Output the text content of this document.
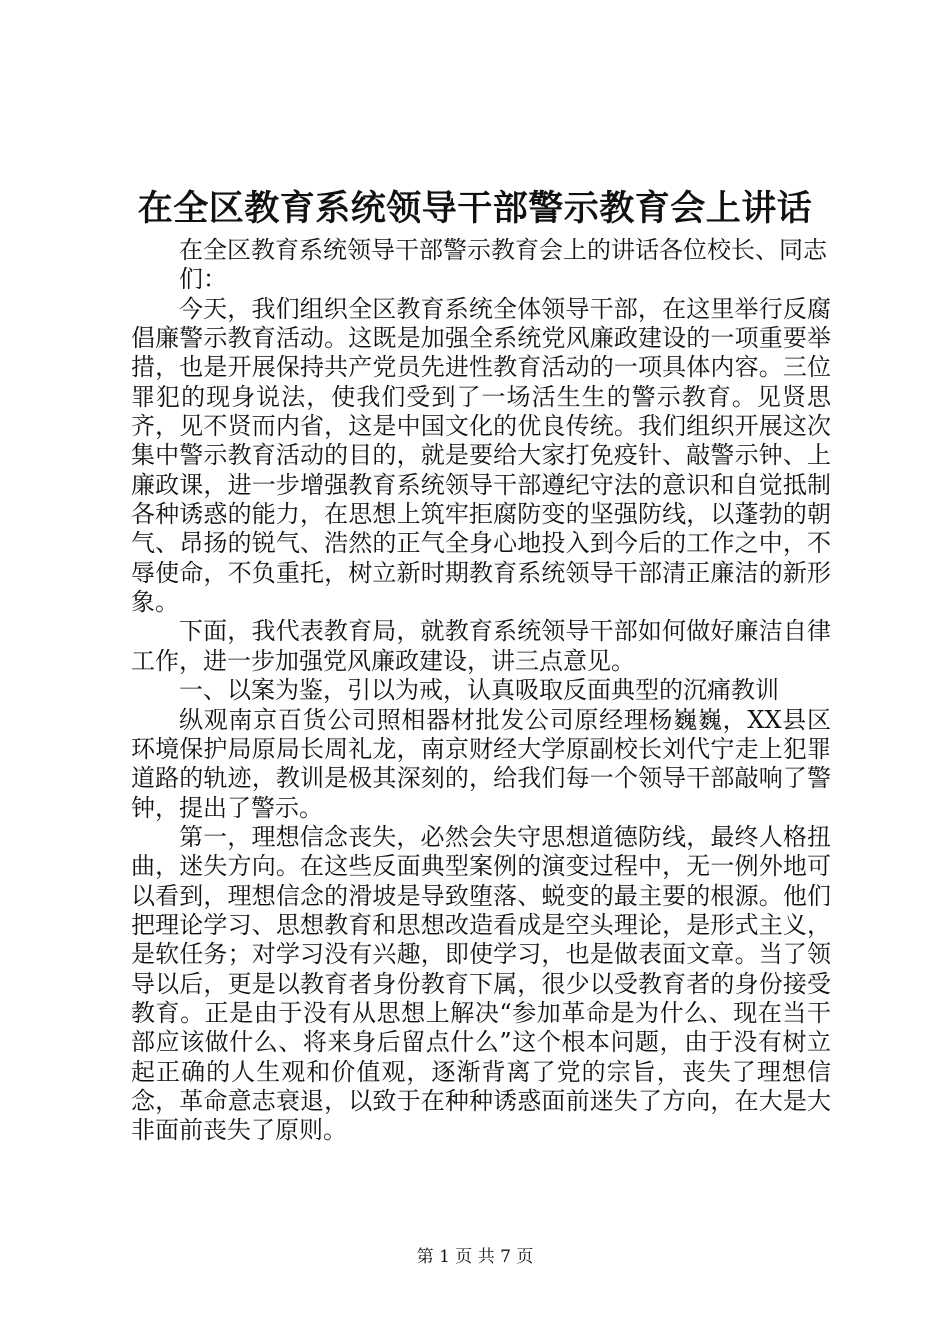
在全区教育系统领导干部警示教育会上讲话

在全区教育系统领导干部警示教育会上的讲话各位校长、同志们：

今天，我们组织全区教育系统全体领导干部，在这里举行反腐倡廉警示教育活动。这既是加强全系统党风廉政建设的一项重要举措，也是开展保持共产党员先进性教育活动的一项具体内容。三位罪犯的现身说法，使我们受到了一场活生生的警示教育。见贤思齐，见不贤而内省，这是中国文化的优良传统。我们组织开展这次集中警示教育活动的目的，就是要给大家打免疫针、敲警示钟、上廉政课，进一步增强教育系统领导干部遵纪守法的意识和自觉抵制各种诱惑的能力，在思想上筑牢拒腐防变的坚强防线，以蓬勃的朝气、昂扬的锐气、浩然的正气全身心地投入到今后的工作之中，不辱使命，不负重托，树立新时期教育系统领导干部清正廉洁的新形象。

下面，我代表教育局，就教育系统领导干部如何做好廉洁自律工作，进一步加强党风廉政建设，讲三点意见。

一、以案为鉴，引以为戒，认真吸取反面典型的沉痛教训

纵观南京百货公司照相器材批发公司原经理杨巍巍，XX县区环境保护局原局长周礼龙，南京财经大学原副校长刘代宁走上犯罪道路的轨迹，教训是极其深刻的，给我们每一个领导干部敲响了警钟，提出了警示。

第一，理想信念丧失，必然会失守思想道德防线，最终人格扭曲，迷失方向。在这些反面典型案例的演变过程中，无一例外地可以看到，理想信念的滑坡是导致堕落、蜕变的最主要的根源。他们把理论学习、思想教育和思想改造看成是空头理论，是形式主义，是软任务；对学习没有兴趣，即使学习，也是做表面文章。当了领导以后，更是以教育者身份教育下属，很少以受教育者的身份接受教育。正是由于没有从思想上解决“参加革命是为什么、现在当干部应该做什么、将来身后留点什么”这个根本问题，由于没有树立起正确的人生观和价值观，逐渐背离了党的宗旨，丧失了理想信念，革命意志衰退，以致于在种种诱惑面前迷失了方向，在大是大非面前丧失了原则。

第 1 页 共 7 页
